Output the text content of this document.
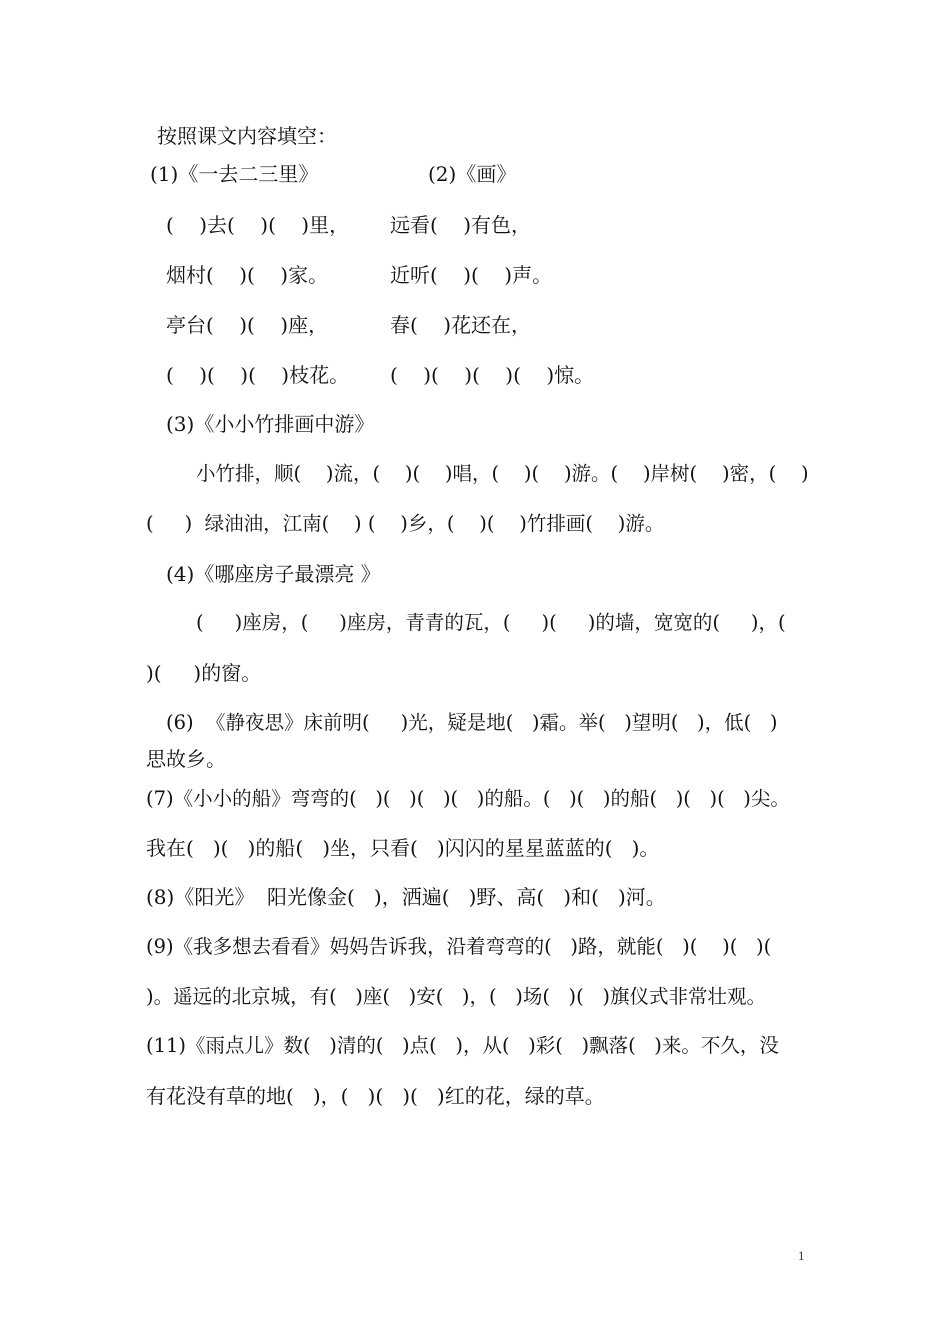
按照课文内容填空：
(1)《一去二三里》	(2)《画》
(    )去(    )(    )里，
烟村(    )(    )家。
亭台(    )(    )座，
(    )(    )(    )枝花。
远看(    )有色，
近听(    )(    )声。
春(    )花还在，
(    )(    )(    )(    )惊。
(3)《小小竹排画中游》
小竹排，顺(    )流，(    )(    )唱，(    )(    )游。(    )岸树(    )密，(    )
(     )  绿油油，江南(    ) (    )乡，(    )(    )竹排画(    )游。
(4)《哪座房子最漂亮 》
(     )座房，(     )座房，青青的瓦，(     )(     )的墙，宽宽的(     )，(
)(     )的窗。
(6)  《静夜思》床前明(     )光，疑是地(   )霜。举(   )望明(   )，低(   )
思故乡。
(7)《小小的船》弯弯的(   )(   )(   )(   )的船。(   )(   )的船(   )(   )(   )尖。
我在(   )(   )的船(   )坐，只看(   )闪闪的星星蓝蓝的(   )。
(8)《阳光》  阳光像金(   )，洒遍(   )野、高(   )和(   )河。
(9)《我多想去看看》妈妈告诉我，沿着弯弯的(   )路，就能(   )(    )(   )(
)。遥远的北京城，有(   )座(   )安(   )，(   )场(   )(   )旗仪式非常壮观。
(11)《雨点儿》数(   )清的(   )点(   )，从(   )彩(   )飘落(   )来。不久，没
有花没有草的地(   )，(   )(   )(   )红的花，绿的草。
1
